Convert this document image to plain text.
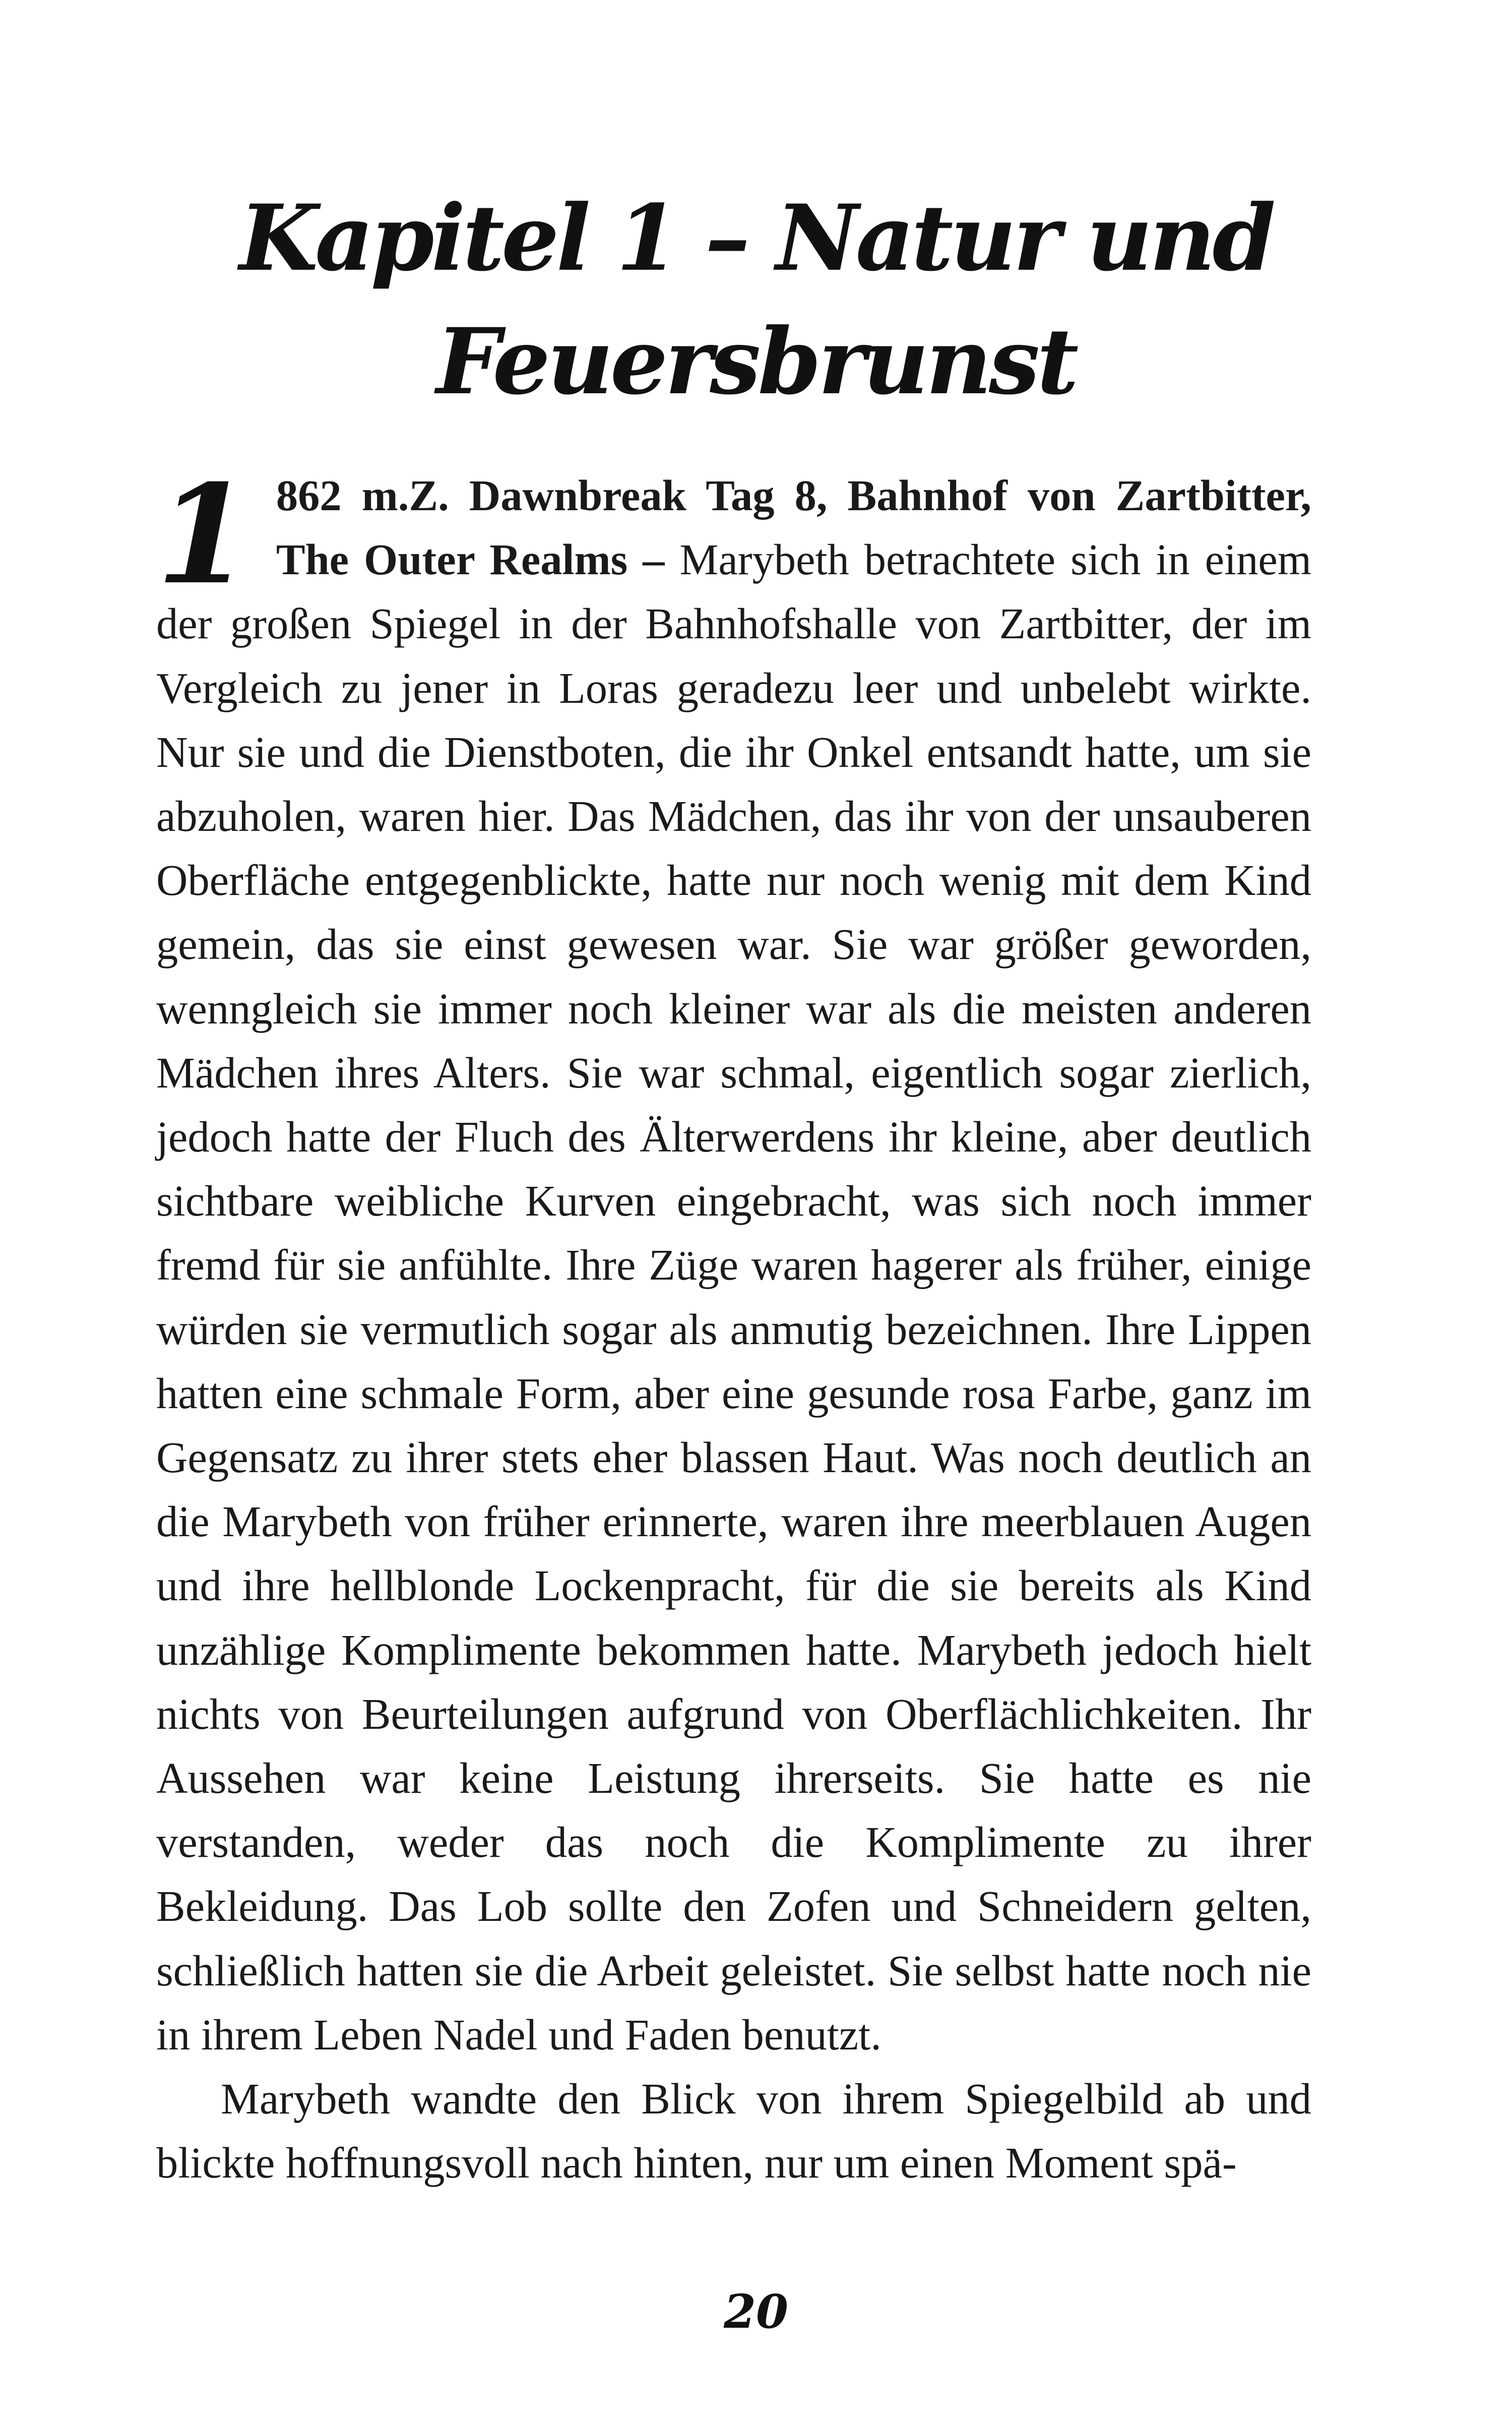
Kapitel 1 – Natur und
Feuersbrunst

1 862 m.Z. Dawnbreak Tag 8, Bahnhof von Zartbitter, The Outer Realms – Marybeth betrachtete sich in einem der großen Spiegel in der Bahnhofshalle von Zartbitter, der im Vergleich zu jener in Loras geradezu leer und unbelebt wirkte. Nur sie und die Dienstboten, die ihr Onkel entsandt hatte, um sie abzuholen, waren hier. Das Mädchen, das ihr von der unsauberen Oberfläche entgegenblickte, hatte nur noch wenig mit dem Kind gemein, das sie einst gewesen war. Sie war größer geworden, wenngleich sie immer noch kleiner war als die meisten anderen Mädchen ihres Alters. Sie war schmal, eigentlich sogar zierlich, jedoch hatte der Fluch des Älterwerdens ihr kleine, aber deutlich sichtbare weibliche Kurven eingebracht, was sich noch immer fremd für sie anfühlte. Ihre Züge waren hagerer als früher, einige würden sie vermutlich sogar als anmutig bezeichnen. Ihre Lippen hatten eine schmale Form, aber eine gesunde rosa Farbe, ganz im Gegensatz zu ihrer stets eher blassen Haut. Was noch deutlich an die Marybeth von früher erinnerte, waren ihre meerblauen Augen und ihre hellblonde Lockenpracht, für die sie bereits als Kind unzählige Komplimente bekommen hatte. Marybeth jedoch hielt nichts von Beurteilungen aufgrund von Oberflächlichkeiten. Ihr Aussehen war keine Leistung ihrerseits. Sie hatte es nie verstanden, weder das noch die Komplimente zu ihrer Bekleidung. Das Lob sollte den Zofen und Schneidern gelten, schließlich hatten sie die Arbeit geleistet. Sie selbst hatte noch nie in ihrem Leben Nadel und Faden benutzt.

Marybeth wandte den Blick von ihrem Spiegelbild ab und blickte hoffnungsvoll nach hinten, nur um einen Moment spä-

20
